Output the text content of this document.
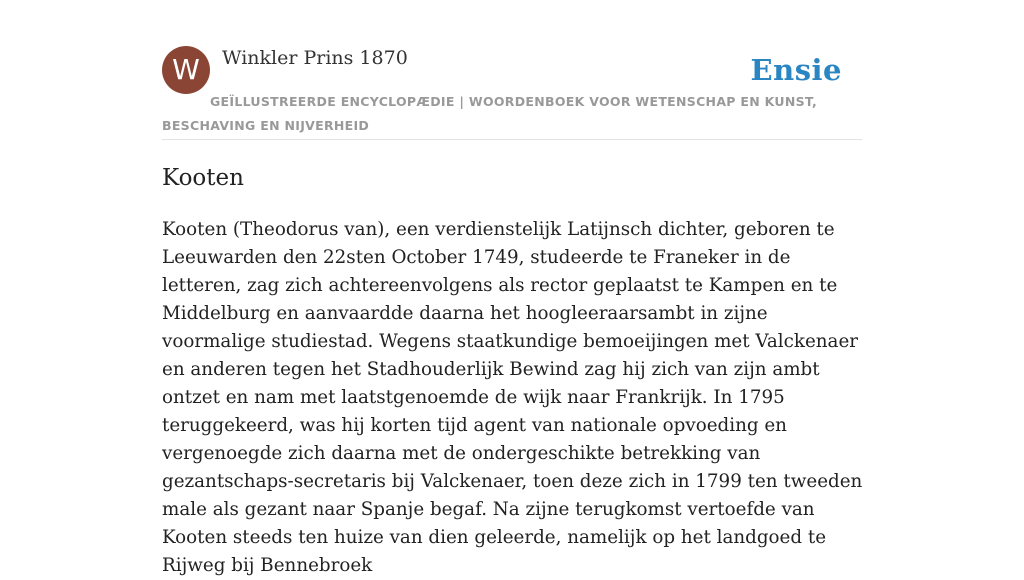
W	Winkler Prins 1870	Ensie
GEÏLLUSTREERDE ENCYCLOPÆDIE | WOORDENBOEK VOOR WETENSCHAP EN KUNST, BESCHAVING EN NIJVERHEID
Kooten

Kooten (Theodorus van), een verdienstelijk Latijnsch dichter, geboren te Leeuwarden den 22sten October 1749, studeerde te Franeker in de letteren, zag zich achtereenvolgens als rector geplaatst te Kampen en te Middelburg en aanvaardde daarna het hoogleeraarsambt in zijne voormalige studiestad. Wegens staatkundige bemoeijingen met Valckenaer en anderen tegen het Stadhouderlijk Bewind zag hij zich van zijn ambt ontzet en nam met laatstgenoemde de wijk naar Frankrijk. In 1795 teruggekeerd, was hij korten tijd agent van nationale opvoeding en vergenoegde zich daarna met de ondergeschikte betrekking van gezantschaps-secretaris bij Valckenaer, toen deze zich in 1799 ten tweeden male als gezant naar Spanje begaf. Na zijne terugkomst vertoefde van Kooten steeds ten huize van dien geleerde, namelijk op het landgoed te Rijweg bij Bennebroek
